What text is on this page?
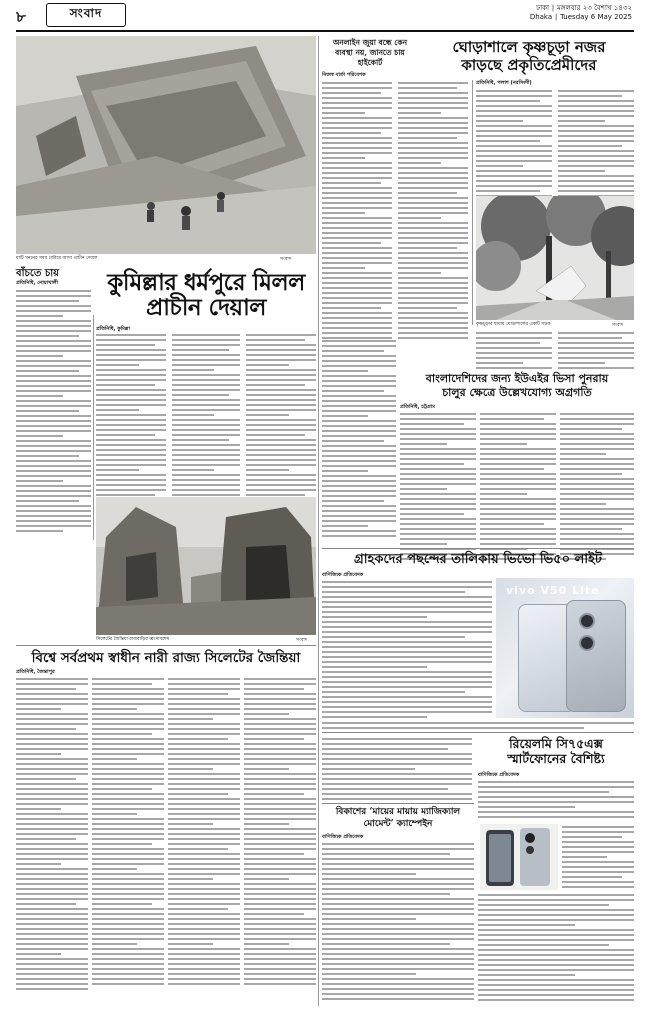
৮	সংবাদ	ঢাকা ∣ মঙ্গলবার ২৩ বৈশাখ ১৪৩২
Dhaka ∣ Tuesday 6 May 2025
মাটি খননের সময় বেরিয়ে আসা প্রাচীন দেয়াল	সংবাদ
বাঁচতে চায়
প্রতিনিধি, নোয়াখালী	কুমিল্লার ধর্মপুরে মিলল
প্রাচীন দেয়াল
প্রতিনিধি, কুমিল্লা
সিলেটের জৈন্তিয়া রাজবাড়ির ধ্বংসাবশেষ	সংবাদ
বিশ্বে সর্বপ্রথম স্বাধীন নারী রাজ্য সিলেটের জৈন্তিয়া
প্রতিনিধি, জৈন্তাপুর
অনলাইন জুয়া বন্ধে কেন
ব্যবস্থা নয়, জানতে চায়
হাইকোর্ট
নিজস্ব বার্তা পরিবেশক
ঘোড়াশালে কৃষ্ণচূড়া নজর
কাড়ছে প্রকৃতিপ্রেমীদের
প্রতিনিধি, পলাশ (নরসিংদী)
কৃষ্ণচূড়ার ছায়ায় ঘোড়াশালের একটি সড়ক	সংবাদ
বাংলাদেশিদের জন্য ইউএইর ভিসা পুনরায়
চালুর ক্ষেত্রে উল্লেখযোগ্য অগ্রগতি
প্রতিনিধি, চট্টগ্রাম
গ্রাহকদের পছন্দের তালিকায় ভিভো ভি৫০ লাইট
বাণিজ্যিক প্রতিবেদক
vivo V50 Lite
রিয়েলমি সি৭৫এক্স
স্মার্টফোনের বৈশিষ্ট্য
বাণিজ্যিক প্রতিবেদক
বিকাশের ‘মায়ের মায়ায় ম্যাজিক্যাল
মোমেন্ট’ ক্যাম্পেইন
বাণিজ্যিক প্রতিবেদক
